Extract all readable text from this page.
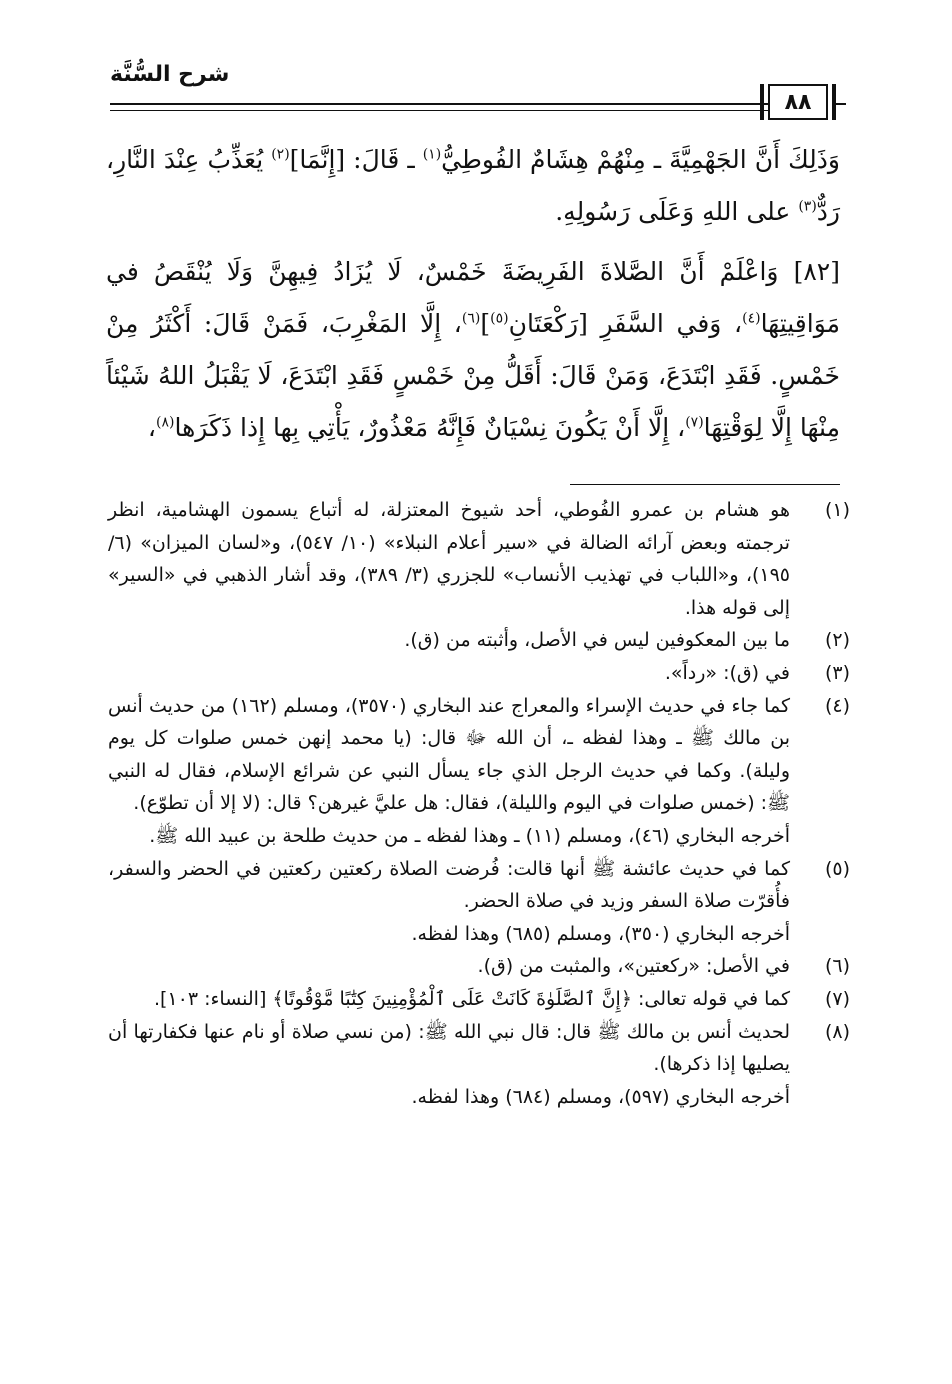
شرح السُّنَّة
٨٨

وَذَلِكَ أَنَّ الجَهْمِيَّةَ ـ مِنْهُمْ هِشَامٌ الفُوطِيُّ$^{(١)}$ ـ قَالَ: [إِنَّمَا]$^{(٢)}$ يُعَذِّبُ عِنْدَ النَّارِ، رَدٌّ$^{(٣)}$ على اللهِ وَعَلَى رَسُولِهِ.

[٨٢] وَاعْلَمْ أَنَّ الصَّلاةَ الفَرِيضَةَ خَمْسٌ، لَا يُزَادُ فِيهِنَّ وَلَا يُنْقَصُ في مَوَاقِيتِهَا$^{(٤)}$، وَفي السَّفَرِ [رَكْعَتَانِ$^{(٥)}$]$^{(٦)}$، إِلَّا المَغْرِبَ، فَمَنْ قَالَ: أَكْثَرُ مِنْ خَمْسٍ. فَقَدِ ابْتَدَعَ، وَمَنْ قَالَ: أَقَلُّ مِنْ خَمْسٍ فَقَدِ ابْتَدَعَ، لَا يَقْبَلُ اللهُ شَيْئاً مِنْهَا إِلَّا لِوَقْتِهَا$^{(٧)}$، إِلَّا أَنْ يَكُونَ نِسْيَانٌ فَإِنَّهُ مَعْذُورٌ، يَأْتِي بِها إِذا ذَكَرَها$^{(٨)}$،

(١)

هو هشام بن عمرو الفُوطي، أحد شيوخ المعتزلة، له أتباع يسمون الهشامية، انظر ترجمته وبعض آرائه الضالة في «سير أعلام النبلاء» (١٠/ ٥٤٧)، و«لسان الميزان» (٦/ ١٩٥)، و«اللباب في تهذيب الأنساب» للجزري (٣/ ٣٨٩)، وقد أشار الذهبي في «السير» إلى قوله هذا.

(٢)

ما بين المعكوفين ليس في الأصل، وأثبته من (ق).

(٣)

في (ق): «رداً».

(٤)

كما جاء في حديث الإسراء والمعراج عند البخاري (٣٥٧٠)، ومسلم (١٦٢) من حديث أنس بن مالك ﷺ ـ وهذا لفظه ـ، أن الله ﷻ قال: (يا محمد إنهن خمس صلوات كل يوم وليلة). وكما في حديث الرجل الذي جاء يسأل النبي عن شرائع الإسلام، فقال له النبي ﷺ: (خمس صلوات في اليوم والليلة)، فقال: هل عليَّ غيرهن؟ قال: (لا إلا أن تطوّع).

أخرجه البخاري (٤٦)، ومسلم (١١) ـ وهذا لفظه ـ من حديث طلحة بن عبيد الله ﷺ.

(٥)

كما في حديث عائشة ﷺ أنها قالت: فُرضت الصلاة ركعتين ركعتين في الحضر والسفر، فأُقرّت صلاة السفر وزيد في صلاة الحضر.

أخرجه البخاري (٣٥٠)، ومسلم (٦٨٥) وهذا لفظه.

(٦)

في الأصل: «ركعتين»، والمثبت من (ق).

(٧)

كما في قوله تعالى: ﴿إِنَّ ٱلصَّلَوٰةَ كَانَتْ عَلَى ٱلْمُؤْمِنِينَ كِتَٰبًا مَّوْقُوتًا﴾ [النساء: ١٠٣].

(٨)

لحديث أنس بن مالك ﷺ قال: قال نبي الله ﷺ: (من نسي صلاة أو نام عنها فكفارتها أن يصليها إذا ذكرها).

أخرجه البخاري (٥٩٧)، ومسلم (٦٨٤) وهذا لفظه.
